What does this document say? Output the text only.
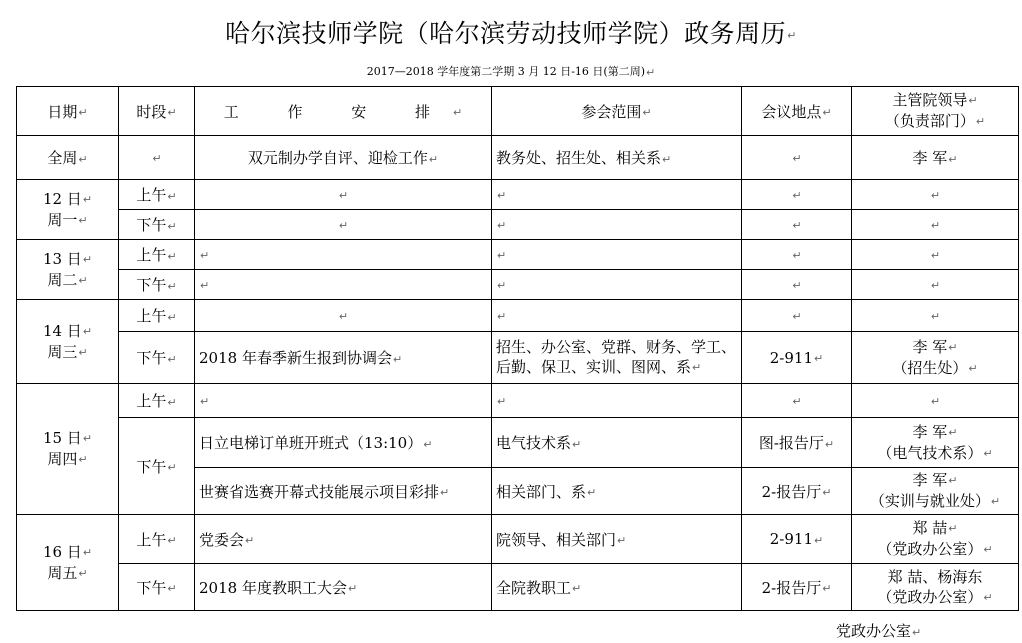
哈尔滨技师学院（哈尔滨劳动技师学院）政务周历↵
2017—2018 学年度第二学期 3 月 12 日-16 日(第二周)↵
日期↵	时段↵	工 作 安 排↵	参会范围↵	会议地点↵	主管院领导↵
（负责部门）↵
全周↵	↵	双元制办学自评、迎检工作↵	教务处、招生处、相关系↵	↵	李 军↵
12 日↵
周一↵	上午↵	↵	↵	↵	↵
	下午↵	↵	↵	↵	↵
13 日↵
周二↵	上午↵	↵	↵	↵	↵
	下午↵	↵	↵	↵	↵
14 日↵
周三↵	上午↵	↵	↵	↵	↵
	下午↵	2018 年春季新生报到协调会↵	招生、办公室、党群、财务、学工、
后勤、保卫、实训、图网、系↵	2-911↵	李 军↵
（招生处）↵
15 日↵
周四↵	上午↵	↵	↵	↵	↵
	下午↵	日立电梯订单班开班式（13:10）↵	电气技术系↵	图-报告厅↵	李 军↵
（电气技术系）↵
		世赛省选赛开幕式技能展示项目彩排↵	相关部门、系↵	2-报告厅↵	李 军↵
（实训与就业处）↵
16 日↵
周五↵	上午↵	党委会↵	院领导、相关部门↵	2-911↵	郑 喆↵
（党政办公室）↵
	下午↵	2018 年度教职工大会↵	全院教职工↵	2-报告厅↵	郑 喆、杨海东
（党政办公室）↵
党政办公室↵
